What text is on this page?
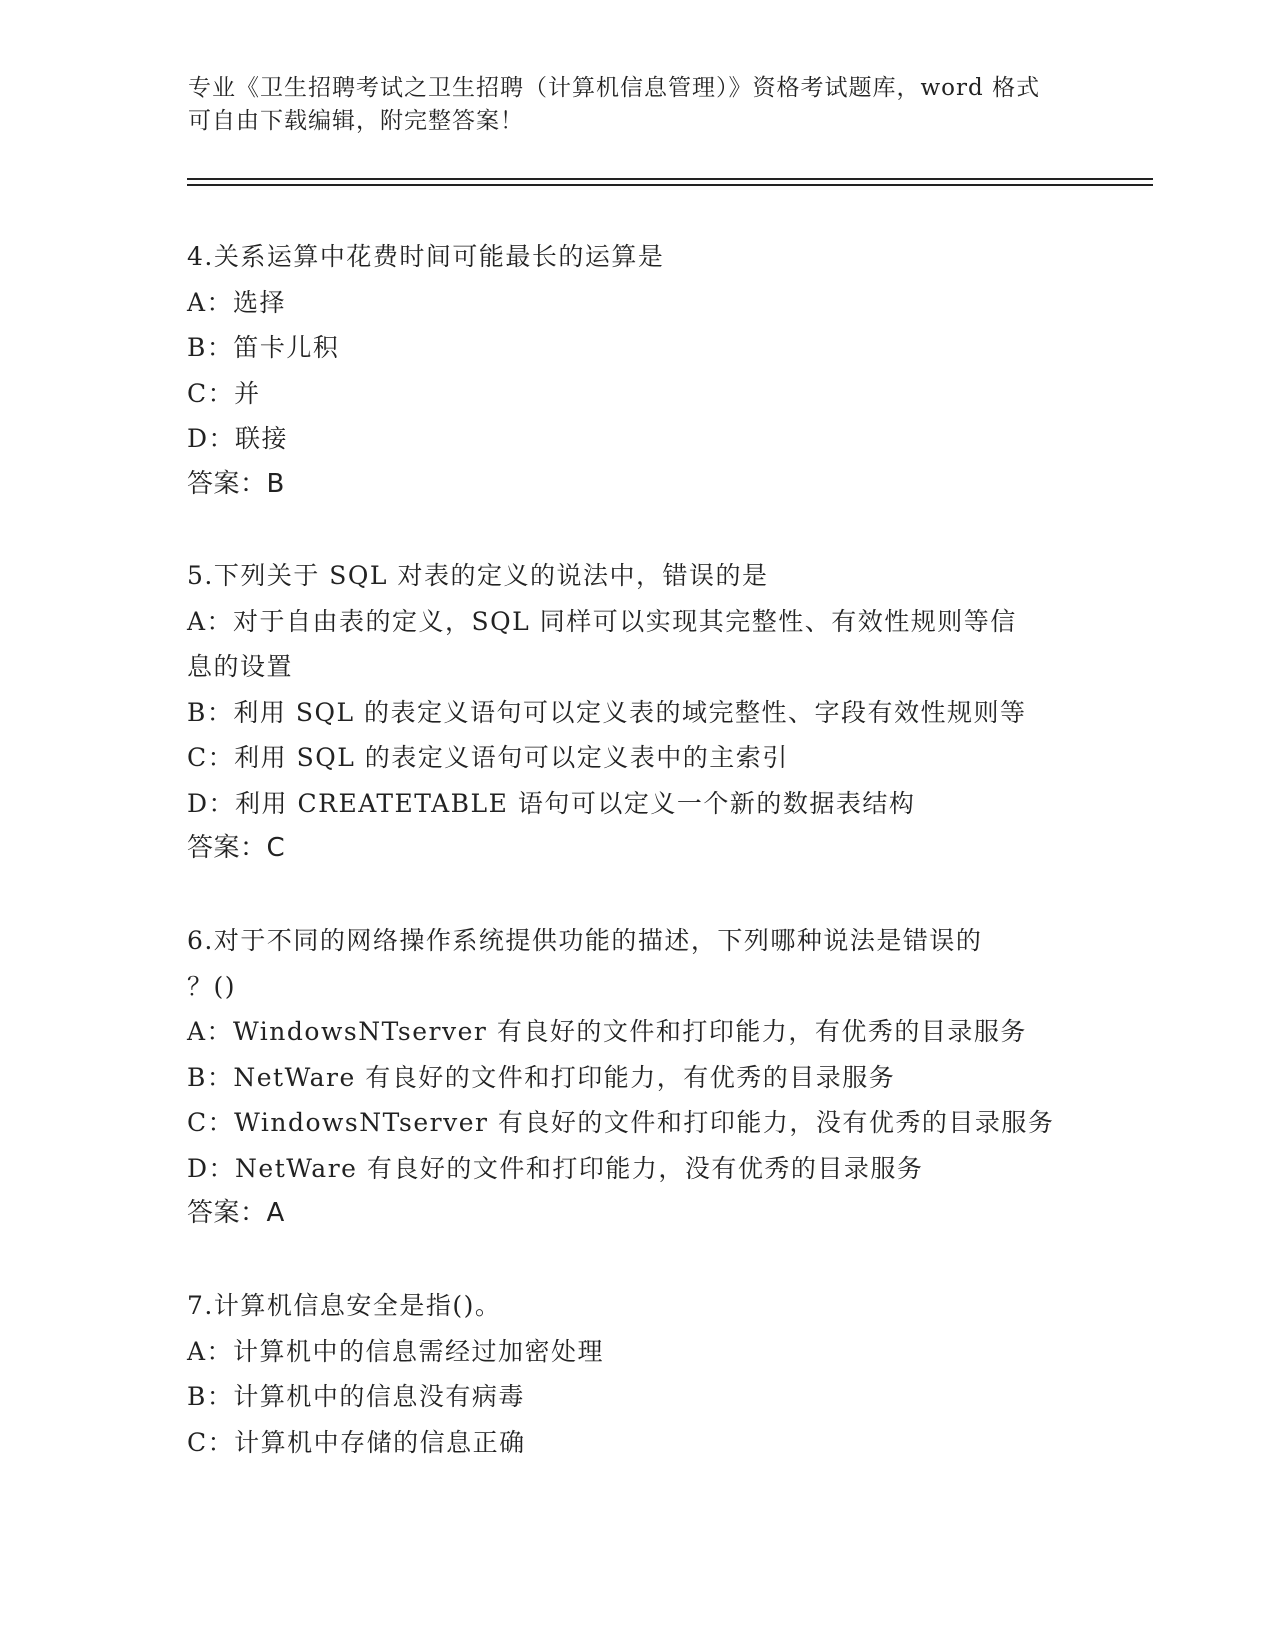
专业《卫生招聘考试之卫生招聘（计算机信息管理）》资格考试题库，word 格式
可自由下载编辑，附完整答案！
4.关系运算中花费时间可能最长的运算是
A：选择
B：笛卡儿积
C：并
D：联接
答案：B
5.下列关于 SQL 对表的定义的说法中，错误的是
A：对于自由表的定义，SQL 同样可以实现其完整性、有效性规则等信
息的设置
B：利用 SQL 的表定义语句可以定义表的域完整性、字段有效性规则等
C：利用 SQL 的表定义语句可以定义表中的主索引
D：利用 CREATETABLE 语句可以定义一个新的数据表结构
答案：C
6.对于不同的网络操作系统提供功能的描述，下列哪种说法是错误的
？()
A：WindowsNTserver 有良好的文件和打印能力，有优秀的目录服务
B：NetWare 有良好的文件和打印能力，有优秀的目录服务
C：WindowsNTserver 有良好的文件和打印能力，没有优秀的目录服务
D：NetWare 有良好的文件和打印能力，没有优秀的目录服务
答案：A
7.计算机信息安全是指()。
A：计算机中的信息需经过加密处理
B：计算机中的信息没有病毒
C：计算机中存储的信息正确
